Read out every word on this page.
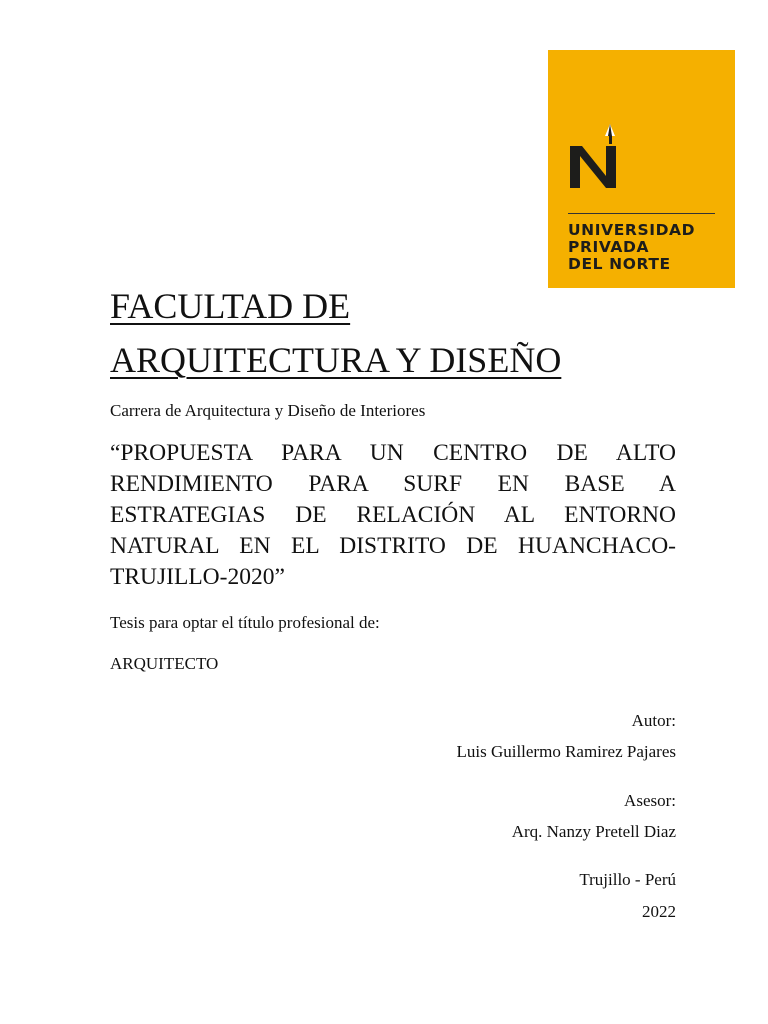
UNIVERSIDAD
PRIVADA
DEL NORTE
FACULTAD DE
ARQUITECTURA Y DISEÑO
Carrera de Arquitectura y Diseño de Interiores
“PROPUESTA PARA UN CENTRO DE ALTO RENDIMIENTO PARA SURF EN BASE A ESTRATEGIAS DE RELACIÓN AL ENTORNO NATURAL EN EL DISTRITO DE HUANCHACO-TRUJILLO-2020”
Tesis para optar el título profesional de:
ARQUITECTO
Autor:
Luis Guillermo Ramirez Pajares
Asesor:
Arq. Nanzy Pretell Diaz
Trujillo - Perú
2022
